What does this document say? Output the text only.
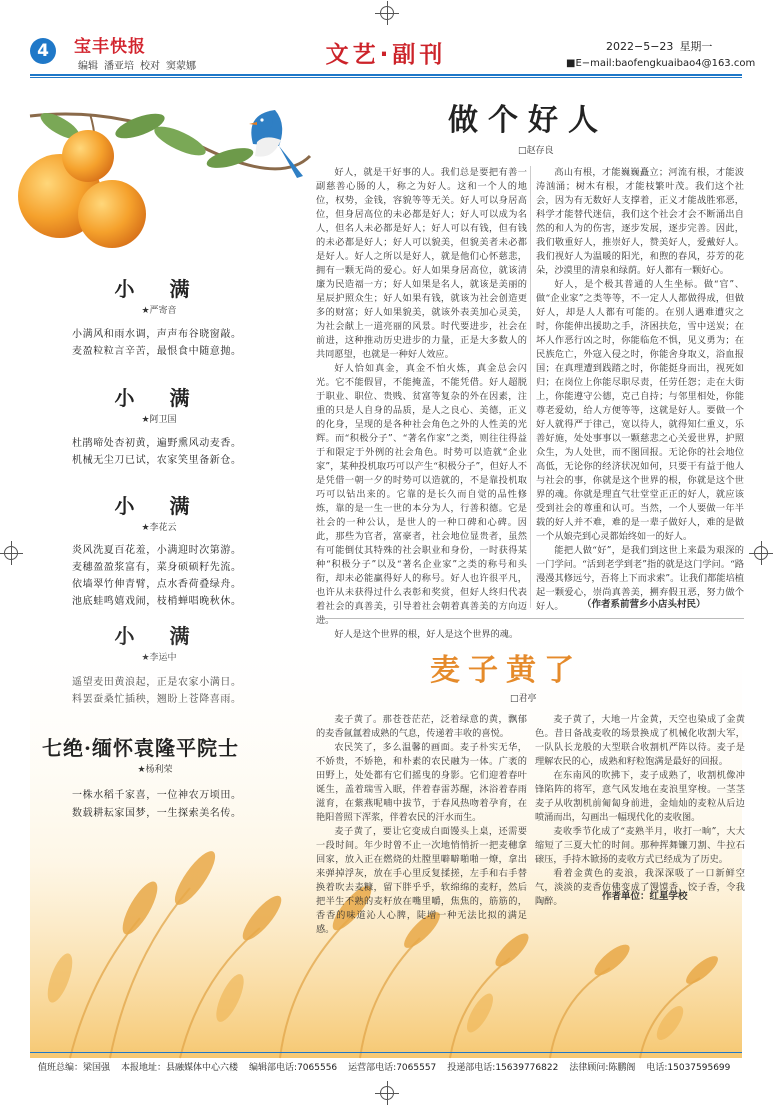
4	宝丰快报
编辑 潘亚培 校对 窦蒙娜	文艺·副刊	2022−5−23 星期一
■E−mail:baofengkuaibao4@163.com
小 满
★严寄音
小满风和雨水调，声声布谷晓窗敲。
麦盈粒粒言辛苦，最恨食中随意抛。
小 满
★阿卫国
杜鹃啼处杏初黄，遍野熏风动麦香。
机械无尘刀已试，农家笑里备新仓。
小 满
★李花云
炎风洗夏百花羞，小满迎时次第游。
麦穗盈盈浆富有，菜身硕硕籽先流。
依墙翠竹伸青臂，点水香荷叠绿舟。
池底蛙鸣嬉戏闹，枝梢蝉唱晚秋休。
七绝·缅怀袁隆平院士
★杨利荣
一株水稻千家喜，一位神农万顷田。
数载耕耘家国梦，一生探索美名传。
做个好人
□赵存良

好人，就是干好事的人。我们总是要把有善一副慈善心肠的人，称之为好人。这和一个人的地位，权势，金钱，容貌等等无关。好人可以身居高位，但身居高位的未必都是好人；好人可以成为名人，但名人未必都是好人；好人可以有钱，但有钱的未必都是好人；好人可以貌美，但貌美者未必都是好人。好人之所以是好人，就是他们心怀慈悲，拥有一颗无尚的爱心。好人如果身居高位，就该清廉为民造福一方；好人如果是名人，就该是美丽的星辰护照众生；好人如果有钱，就该为社会创造更多的财富；好人如果貌美，就该外表美加心灵美，为社会献上一道亮丽的风景。时代要进步，社会在前进，这种推动历史进步的力量，正是大多数人的共同愿望，也就是一种好人效应。

好人恰如真金，真金不怕火炼，真金总会闪光。它不能假冒，不能掩盖，不能凭借。好人超脱于职业、职位、贵贱、贫富等复杂的外在因素，注重的只是人自身的品质，是人之良心、美德，正义的化身，呈现的是各种社会角色之外的人性美的光辉。而“积极分子”、“著名作家”之类，则往往得益于和限定于外例的社会角色。时势可以造就“企业家”，某种投机取巧可以产生“积极分子”，但好人不是凭借一朝一夕的时势可以造就的，不是靠投机取巧可以钻出来的。它靠的是长久而自觉的品性修炼，靠的是一生一世的本分为人，行善积德。它是社会的一种公认，是世人的一种口碑和心碑。因此，那些为官者，富豪者，社会地位显贵者，虽然有可能倒仗其特殊的社会职业和身份，一时获得某种“积极分子”以及“著名企业家”之类的称号和头衔，却未必能赢得好人的称号。好人也许很平凡，也许从未获得过什么表彰和奖赏，但好人终归代表着社会的真善美，引导着社会朝着真善美的方向迈进。

好人是这个世界的根，好人是这个世界的魂。

高山有根，才能巍巍矗立；河流有根，才能波涛汹涌；树木有根，才能枝繁叶茂。我们这个社会，因为有无数好人支撑着，正义才能战胜邪恶，科学才能替代迷信，我们这个社会才会不断涌出自然的和人为的伤害，逐步发展，逐步完善。因此，我们敬重好人，推崇好人，赞美好人，爱戴好人。我们视好人为温暖的阳光，和煦的春风，芬芳的花朵，沙漠里的清泉和绿荫。好人都有一颗好心。

好人，是个极其普通的人生坐标。做“官”、做“企业家”之类等等，不一定人人都做得成，但做好人，却是人人都有可能的。在别人遇难遭灾之时，你能伸出援助之手，济困扶危，雪中送炭；在坏人作恶行凶之时，你能临危不惧，见义勇为；在民族危亡，外寇入侵之时，你能舍身取义，浴血报国；在真理遭到践踏之时，你能挺身而出，视死如归；在岗位上你能尽职尽责，任劳任怨；走在大街上，你能遵守公德，克己自持；与邻里相处，你能尊老爱幼，给人方便等等，这就是好人。要做一个好人就得严于律己，宽以待人，就得知仁重义，乐善好施，处处事事以一颗慈悲之心关爱世界，护照众生，为人处世，而不图回报。无论你的社会地位高低，无论你的经济状况如何，只要干有益于他人与社会的事，你就是这个世界的根，你就是这个世界的魂。你就是理直气壮堂堂正正的好人，就应该受到社会的尊重和认可。当然，一个人要做一年半载的好人并不难，难的是一辈子做好人，难的是做一个从娘壳到心灵都始终如一的好人。

能把人做“好”，是我们到这世上来最为艰深的一门学问。“活到老学到老”指的就是这门学问。“路漫漫其修远兮，吾将上下而求索”。让我们都能培植起一颗爱心，崇尚真善美，搠弃假丑恶，努力做个好人。	（作者系前营乡小店头村民）
麦子黄了
□君亭

麦子黄了。那苍苍茫茫，泛着绿意的黄，飘郁的麦香氤氲着成熟的气息，传递着丰收的喜悦。

农民笑了，多么温馨的画面。麦子朴实无华，不娇贵，不娇艳，和朴素的农民融为一体。广袤的田野上，处处都有它们摇曳的身影。它们迎着春叶诞生，盖着瑞雪入眠，伴着春雷苏醒，沐浴着春雨滋育，在紫燕呢喃中拔节，于春风热吻着孕育，在艳阳普照下浑浆，伴着农民的汗水而生。

麦子黄了，要让它变成白面馒头上桌，还需要一段时间。年少时曾不止一次地悄悄折一把麦穗拿回家，放入正在燃烧的灶膛里噼噼啪啪一燎，拿出来弹掉浮灰，放在手心里反复揉搓，左手和右手替换着吹去麦糠，留下胖乎乎，软绵绵的麦籽，然后把半生不熟的麦籽放在嘴里嚼，焦焦的，筋筋的，香香的味道沁人心脾，陡增一种无法比拟的满足感。

麦子黄了，大地一片金黄，天空也染成了金黄色。昔日备战麦收的场景换成了机械化收割大军，一队队长龙般的大型联合收割机严阵以待。麦子是理解农民的心，成熟和籽粒饱满是最好的回报。

在东南风的吹拂下，麦子成熟了，收割机像冲锋陷阵的将军，意气风发地在麦浪里穿梭。一茎茎麦子从收割机前匍匐身前进，金灿灿的麦粒从后边喷涌而出，勾画出一幅现代化的麦收图。

麦收季节化成了“麦熟半月，收打一晌”，大大缩短了三夏大忙的时间。那种挥舞镰刀割、牛拉石磙压，手持木锨扬的麦收方式已经成为了历史。

看着金黄色的麦浪，我深深吸了一口新鲜空气，淡淡的麦香仿佛变成了馒馍香、饺子香，令我陶醉。	作者单位：红星学校
值班总编：梁国强 本报地址：县融媒体中心六楼 编辑部电话:7065556 运营部电话:7065557 投递部电话:15639776822 法律顾问:陈鹏阁 电话:15037595699
